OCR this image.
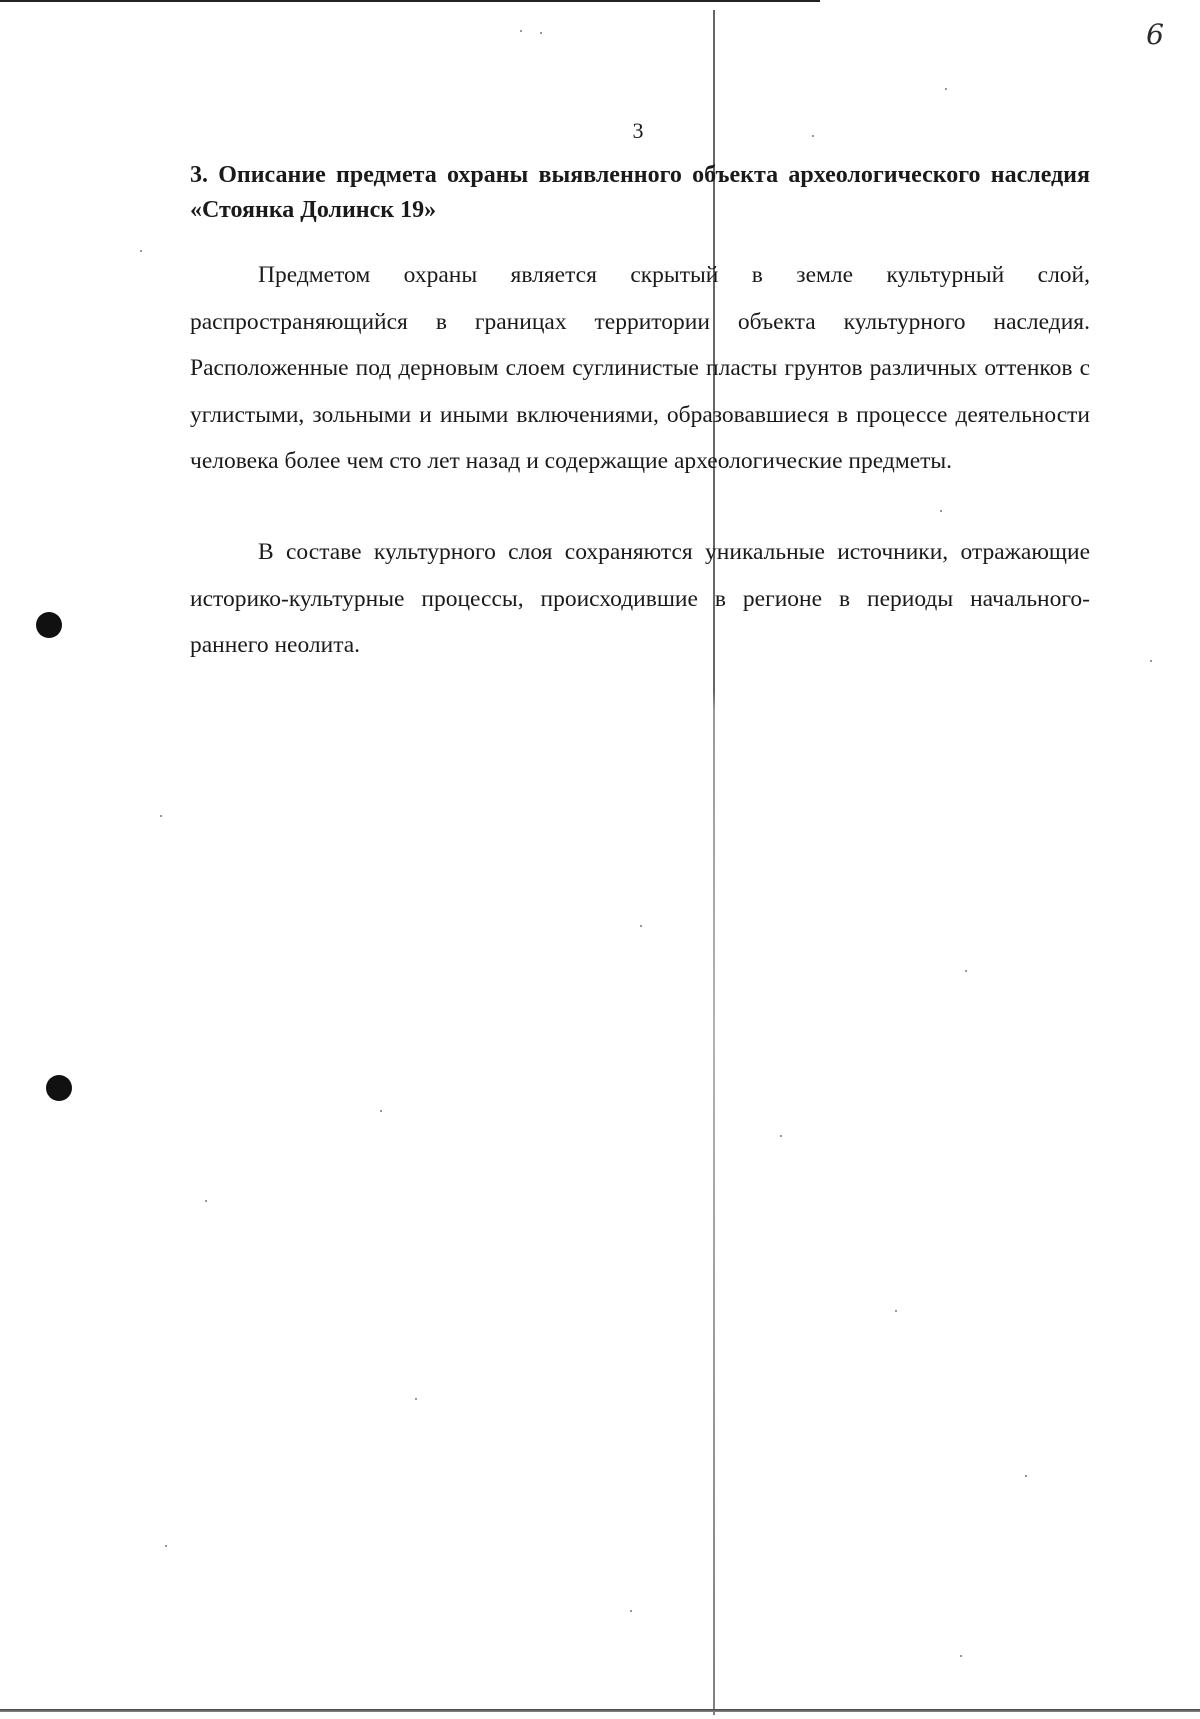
6
3
3. Описание предмета охраны выявленного объекта археологического наследия «Стоянка Долинск 19»

Предметом охраны является скрытый в земле культурный слой, распространяющийся в границах территории объекта культурного наследия. Расположенные под дерновым слоем суглинистые пласты грунтов различных оттенков с углистыми, зольными и иными включениями, образовавшиеся в процессе деятельности человека более чем сто лет назад и содержащие археологические предметы.

В составе культурного слоя сохраняются уникальные источники, отражающие историко-культурные процессы, происходившие в регионе в периоды начального-раннего неолита.
